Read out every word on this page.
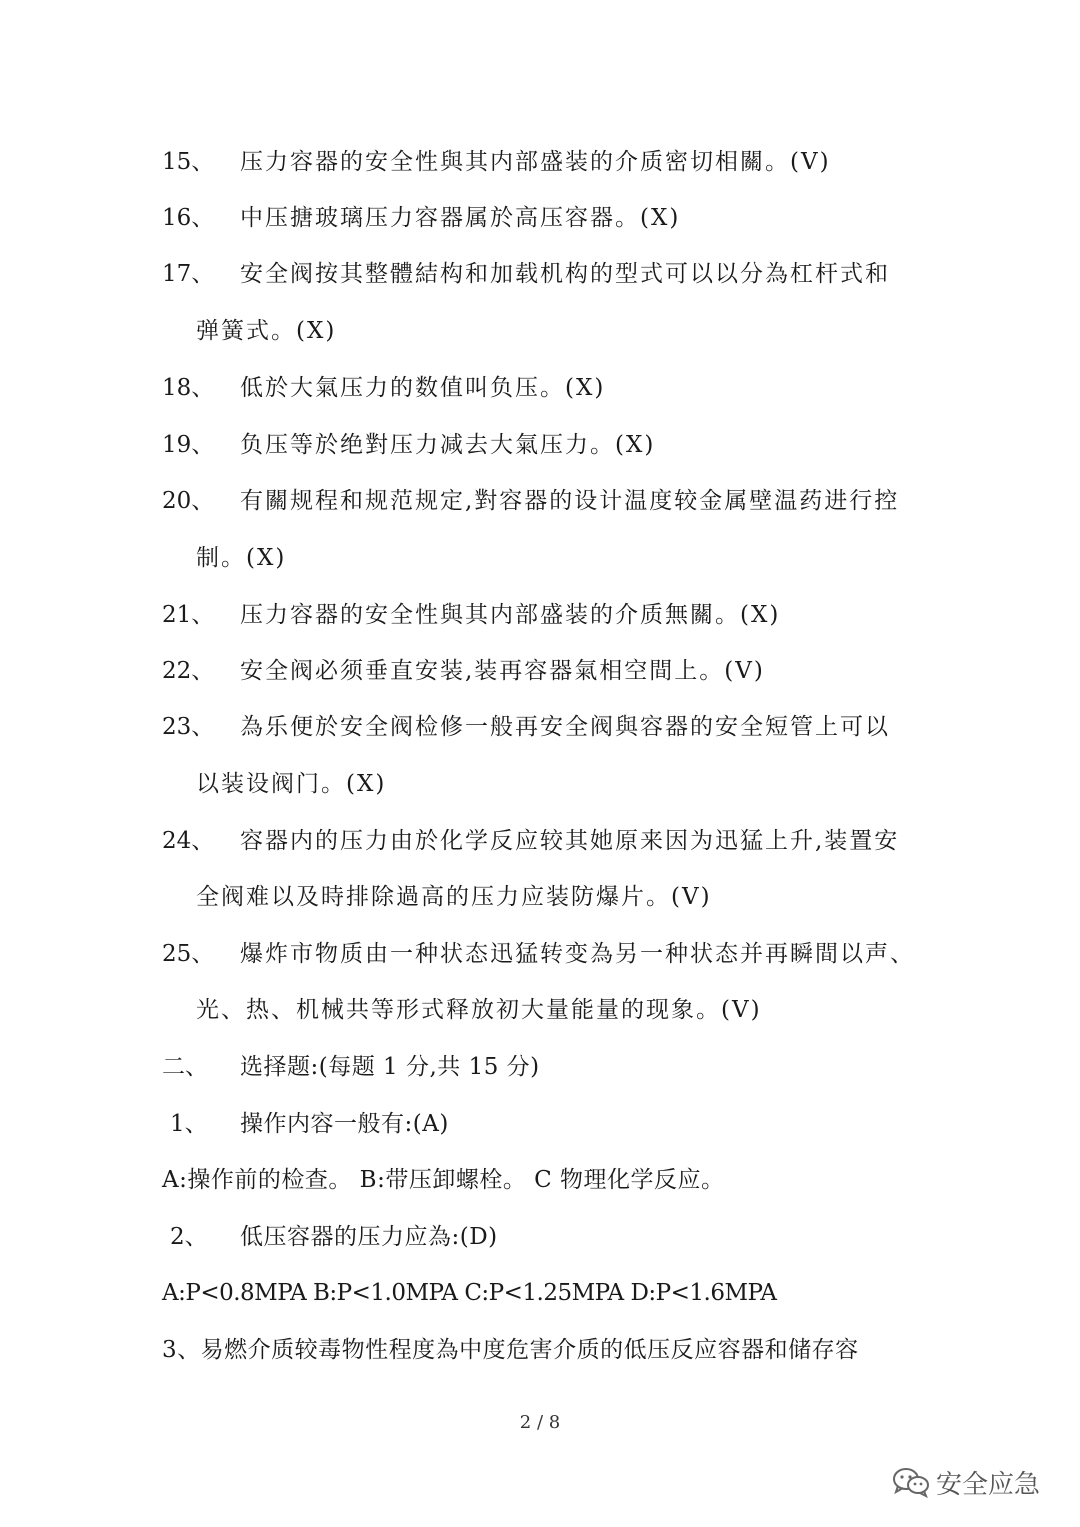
15、 压力容器的安全性與其内部盛装的介质密切相關。(V)
16、 中压搪玻璃压力容器属於高压容器。(X)
17、 安全阀按其整體結构和加载机构的型式可以以分為杠杆式和
弹簧式。(X)
18、 低於大氣压力的数值叫负压。(X)
19、 负压等於绝對压力减去大氣压力。(X)
20、 有關规程和规范规定,對容器的设计温度较金属壁温药进行控
制。(X)
21、 压力容器的安全性與其内部盛装的介质無關。(X)
22、 安全阀必须垂直安装,装再容器氣相空間上。(V)
23、 為乐便於安全阀检修一般再安全阀與容器的安全短管上可以
以装设阀门。(X)
24、 容器内的压力由於化学反应较其她原来因为迅猛上升,装置安
全阀难以及時排除過高的压力应装防爆片。(V)
25、 爆炸市物质由一种状态迅猛转变為另一种状态并再瞬間以声、
光、热、机械共等形式释放初大量能量的现象。(V)
二、 选择题:(每题 1 分,共 15 分)
1、 操作内容一般有:(A)
A:操作前的检查。 B:带压卸螺栓。 C 物理化学反应。
2、 低压容器的压力应為:(D)
A:P<0.8MPA B:P<1.0MPA C:P<1.25MPA D:P<1.6MPA
3、易燃介质较毒物性程度為中度危害介质的低压反应容器和储存容
2 / 8
安全应急
